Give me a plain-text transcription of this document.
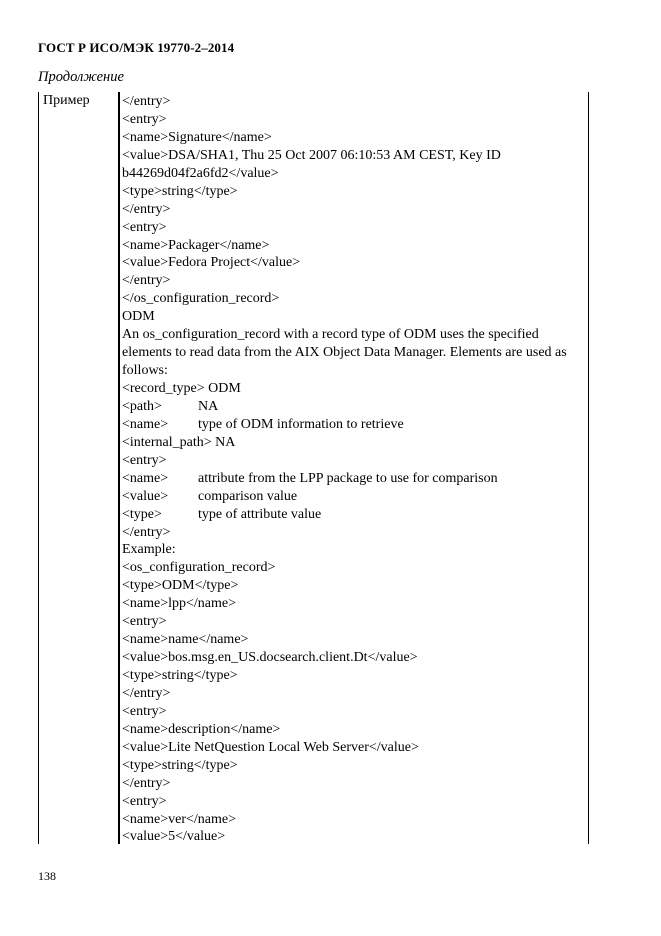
ГОСТ Р ИСО/МЭК 19770-2–2014
Продолжение
Пример </entry>
<entry>
<name>Signature</name>
<value>DSA/SHA1, Thu 25 Oct 2007 06:10:53 AM CEST, Key ID
b44269d04f2a6fd2</value>
<type>string</type>
</entry>
<entry>
<name>Packager</name>
<value>Fedora Project</value>
</entry>
</os_configuration_record>
ODM
An os_configuration_record with a record type of ODM uses the specified elements to read data from the AIX Object Data Manager. Elements are used as follows:
<record_type> ODM
<path>	NA
<name>	type of ODM information to retrieve
<internal_path> NA
<entry>
<name>	attribute from the LPP package to use for comparison
<value>	comparison value
<type>	type of attribute value
</entry>
Example:
<os_configuration_record>
<type>ODM</type>
<name>lpp</name>
<entry>
<name>name</name>
<value>bos.msg.en_US.docsearch.client.Dt</value>
<type>string</type>
</entry>
<entry>
<name>description</name>
<value>Lite NetQuestion Local Web Server</value>
<type>string</type>
</entry>
<entry>
<name>ver</name>
<value>5</value>
138
